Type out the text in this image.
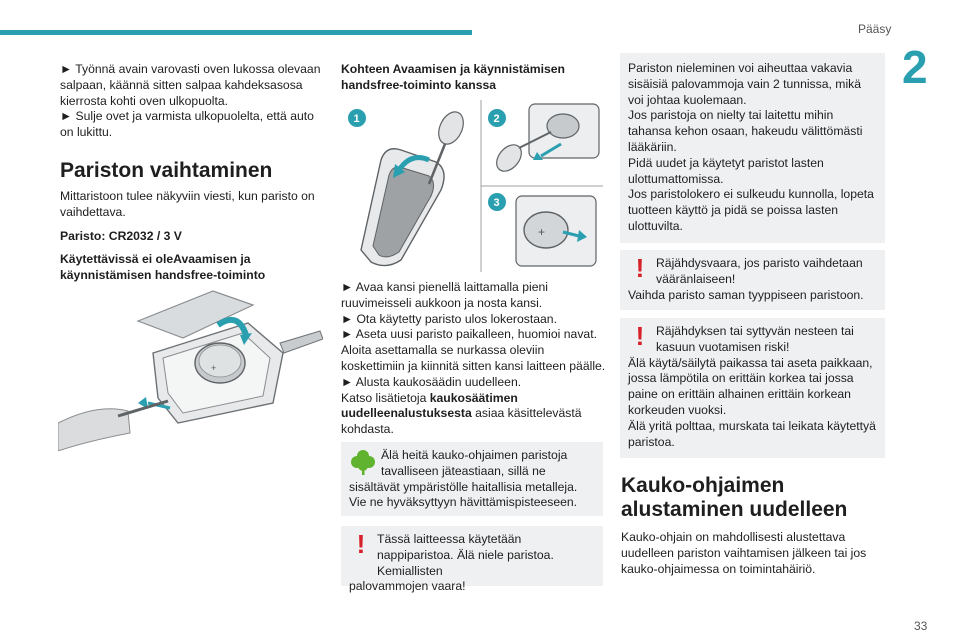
Pääsy
2
33

► Työnnä avain varovasti oven lukossa olevaan salpaan, käännä sitten salpaa kahdeksasosa kierrosta kohti oven ulkopuolta.

► Sulje ovet ja varmista ulkopuolelta, että auto on lukittu.

Pariston vaihtaminen

Mittaristoon tulee näkyviin viesti, kun paristo on vaihdettava.

Paristo: CR2032 / 3 V

Käytettävissä ei oleAvaamisen ja käynnistämisen handsfree-toiminto

+

Kohteen Avaamisen ja käynnistämisen handsfree-toiminto kanssa

1	2
3
+

► Avaa kansi pienellä laittamalla pieni ruuvimeisseli aukkoon ja nosta kansi.

► Ota käytetty paristo ulos lokerostaan.

► Aseta uusi paristo paikalleen, huomioi navat. Aloita asettamalla se nurkassa oleviin koskettimiin ja kiinnitä sitten kansi laitteen päälle.

► Alusta kaukosäädin uudelleen.

Katso lisätietoja kaukosäätimen uudelleenalustuksesta asiaa käsittelevästä kohdasta.

Älä heitä kauko-ohjaimen paristoja tavalliseen jäteastiaan, sillä ne
sisältävät ympäristölle haitallisia metalleja. Vie ne hyväksyttyyn hävittämispisteeseen.
! Tässä laitteessa käytetään nappiparistoa. Älä niele paristoa. Kemiallisten
palovammojen vaara!
Pariston nieleminen voi aiheuttaa vakavia sisäisiä palovammoja vain 2 tunnissa, mikä voi johtaa kuolemaan.
Jos paristoja on nielty tai laitettu mihin tahansa kehon osaan, hakeudu välittömästi lääkäriin.
Pidä uudet ja käytetyt paristot lasten ulottumattomissa.
Jos paristolokero ei sulkeudu kunnolla, lopeta tuotteen käyttö ja pidä se poissa lasten ulottuvilta.
! Räjähdysvaara, jos paristo vaihdetaan vääränlaiseen!
Vaihda paristo saman tyyppiseen paristoon.
! Räjähdyksen tai syttyvän nesteen tai kasuun vuotamisen riski!
Älä käytä/säilytä paikassa tai aseta paikkaan, jossa lämpötila on erittäin korkea tai jossa paine on erittäin alhainen erittäin korkean korkeuden vuoksi.
Älä yritä polttaa, murskata tai leikata käytettyä paristoa.

Kauko-ohjaimen alustaminen uudelleen

Kauko-ohjain on mahdollisesti alustettava uudelleen pariston vaihtamisen jälkeen tai jos kauko-ohjaimessa on toimintahäiriö.
